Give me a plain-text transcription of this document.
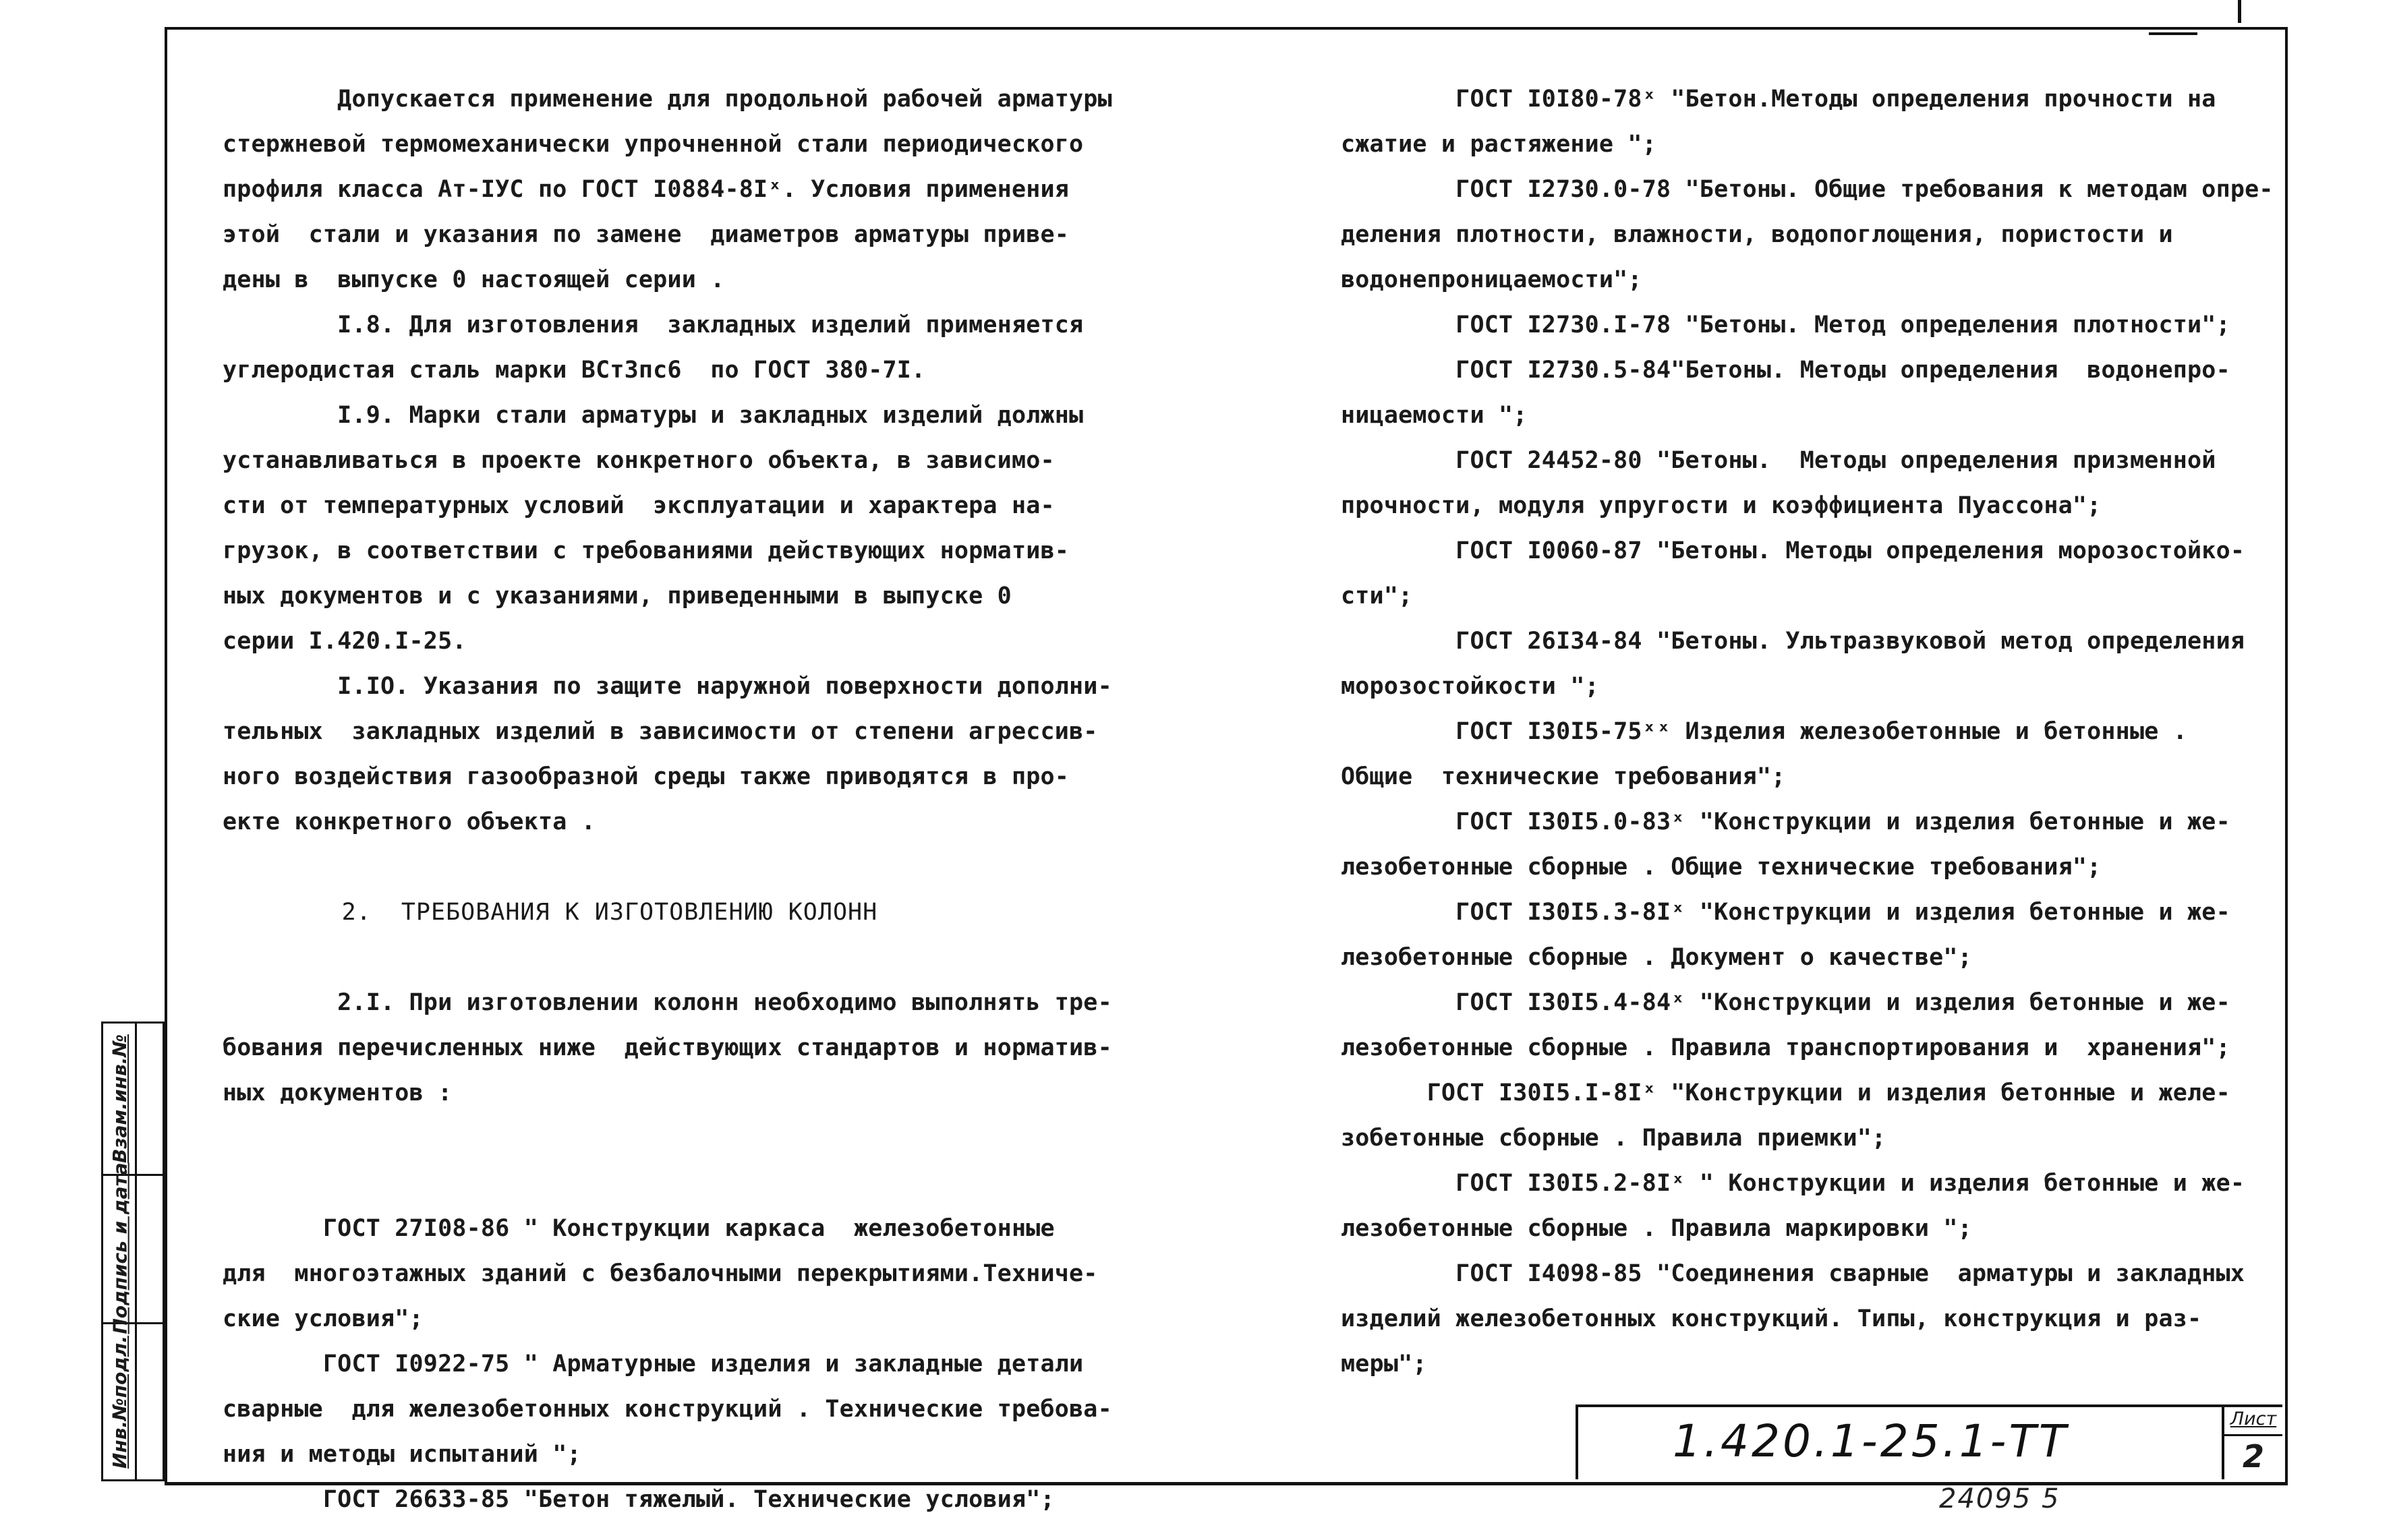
Допускается применение для продольной рабочей арматуры
стержневой термомеханически упрочненной стали периодического
профиля класса Ат-IУС по ГОСТ I0884-8Iˣ. Условия применения
этой  стали и указания по замене  диаметров арматуры приве-
дены в  выпуске 0 настоящей серии .
I.8. Для изготовления  закладных изделий применяется
углеродистая сталь марки ВСт3пс6  по ГОСТ 380-7I.
I.9. Марки стали арматуры и закладных изделий должны
устанавливаться в проекте конкретного объекта, в зависимо-
сти от температурных условий  эксплуатации и характера на-
грузок, в соответствии с требованиями действующих норматив-
ных документов и с указаниями, приведенными в выпуске 0
серии I.420.I-25.
I.IO. Указания по защите наружной поверхности дополни-
тельных  закладных изделий в зависимости от степени агрессив-
ного воздействия газообразной среды также приводятся в про-
екте конкретного объекта .
2.  ТРЕБОВАНИЯ К ИЗГОТОВЛЕНИЮ КОЛОНН
2.I. При изготовлении колонн необходимо выполнять тре-
бования перечисленных ниже  действующих стандартов и норматив-
ных документов :
ГОСТ 27I08-86 " Конструкции каркаса  железобетонные
для  многоэтажных зданий с безбалочными перекрытиями.Техниче-
ские условия";
ГОСТ I0922-75 " Арматурные изделия и закладные детали
сварные  для железобетонных конструкций . Технические требова-
ния и методы испытаний ";
ГОСТ 26633-85 "Бетон тяжелый. Технические условия";
ГОСТ I0I80-78ˣ "Бетон.Методы определения прочности на
сжатие и растяжение ";
ГОСТ I2730.0-78 "Бетоны. Общие требования к методам опре-
деления плотности, влажности, водопоглощения, пористости и
водонепроницаемости";
ГОСТ I2730.I-78 "Бетоны. Метод определения плотности";
ГОСТ I2730.5-84"Бетоны. Методы определения  водонепро-
ницаемости ";
ГОСТ 24452-80 "Бетоны.  Методы определения призменной
прочности, модуля упругости и коэффициента Пуассона";
ГОСТ I0060-87 "Бетоны. Методы определения морозостойко-
сти";
ГОСТ 26I34-84 "Бетоны. Ультразвуковой метод определения
морозостойкости ";
ГОСТ I30I5-75ˣˣ Изделия железобетонные и бетонные .
Общие  технические требования";
ГОСТ I30I5.0-83ˣ "Конструкции и изделия бетонные и же-
лезобетонные сборные . Общие технические требования";
ГОСТ I30I5.3-8Iˣ "Конструкции и изделия бетонные и же-
лезобетонные сборные . Документ о качестве";
ГОСТ I30I5.4-84ˣ "Конструкции и изделия бетонные и же-
лезобетонные сборные . Правила транспортирования и  хранения";
ГОСТ I30I5.I-8Iˣ "Конструкции и изделия бетонные и желе-
зобетонные сборные . Правила приемки";
ГОСТ I30I5.2-8Iˣ " Конструкции и изделия бетонные и же-
лезобетонные сборные . Правила маркировки ";
ГОСТ I4098-85 "Соединения сварные  арматуры и закладных
изделий железобетонных конструкций. Типы, конструкция и раз-
меры";
Взам.инв.№
Подпись и дата
Инв.№подл.	1.420.1-25.1-ТТ	Лист
2
24095 5
